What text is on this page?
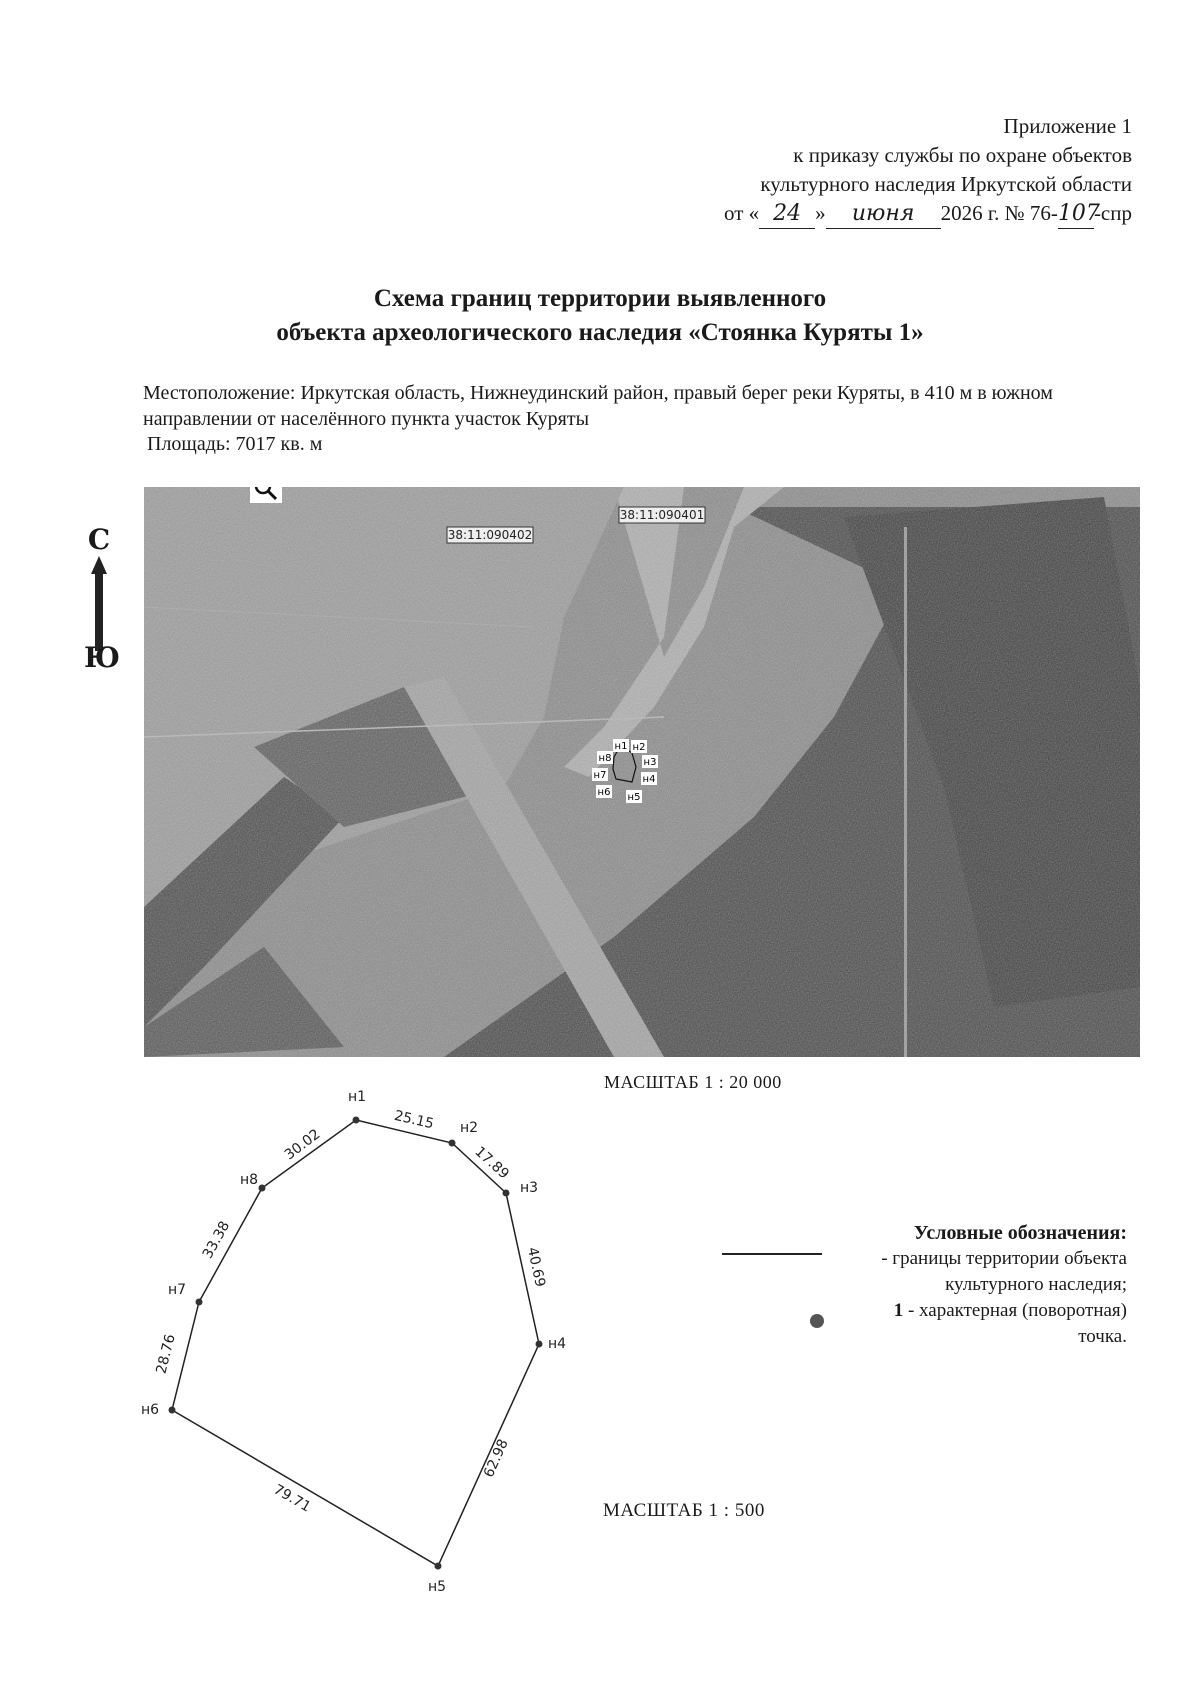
Приложение 1
к приказу службы по охране объектов
культурного наследия Иркутской области
от « 24 » июня 2026 г. № 76-107-спр
Схема границ территории выявленного
объекта археологического наследия «Стоянка Куряты 1»
Местоположение: Иркутская область, Нижнеудинский район, правый берег реки Куряты, в 410 м в южном направлении от населённого пункта участок Куряты
Площадь: 7017 кв. м
С
Ю
38:11:090402
38:11:090401
н1 н2
н3
н4
н5
н6
н7
н8
МАСШТАБ 1 : 20 000
н1
н2
н3
н4
н5
н6
н7
н8
25.15
17.89
40.69
62.98
79.71
28.76
33.38
30.02
МАСШТАБ 1 : 500
Условные обозначения:
- границы территории объекта
культурного наследия;
1 - характерная (поворотная)
точка.
